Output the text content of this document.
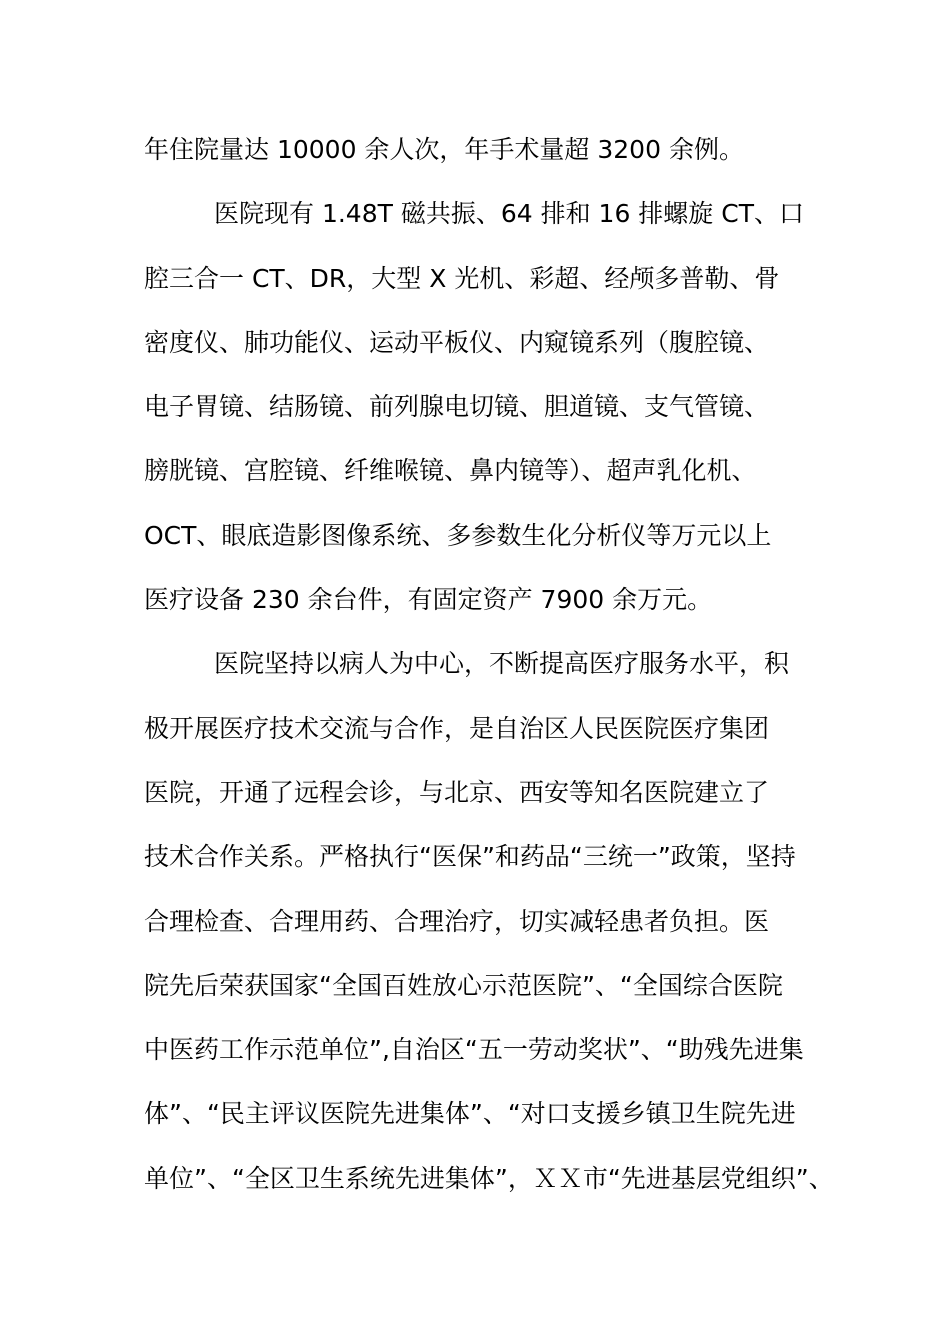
年住院量达 10000 余人次，年手术量超 3200 余例。
医院现有 1.48T 磁共振、64 排和 16 排螺旋 CT、口
腔三合一 CT、DR，大型 X 光机、彩超、经颅多普勒、骨
密度仪、肺功能仪、运动平板仪、内窥镜系列（腹腔镜、
电子胃镜、结肠镜、前列腺电切镜、胆道镜、支气管镜、
膀胱镜、宫腔镜、纤维喉镜、鼻内镜等）、超声乳化机、
OCT、眼底造影图像系统、多参数生化分析仪等万元以上
医疗设备 230 余台件，有固定资产 7900 余万元。
医院坚持以病人为中心，不断提高医疗服务水平，积
极开展医疗技术交流与合作，是自治区人民医院医疗集团
医院，开通了远程会诊，与北京、西安等知名医院建立了
技术合作关系。严格执行“医保”和药品“三统一”政策，坚持
合理检查、合理用药、合理治疗，切实减轻患者负担。医
院先后荣获国家“全国百姓放心示范医院”、“全国综合医院
中医药工作示范单位”,自治区“五一劳动奖状”、“助残先进集
体”、“民主评议医院先进集体”、“对口支援乡镇卫生院先进
单位”、“全区卫生系统先进集体”，ＸＸ市“先进基层党组织”、
